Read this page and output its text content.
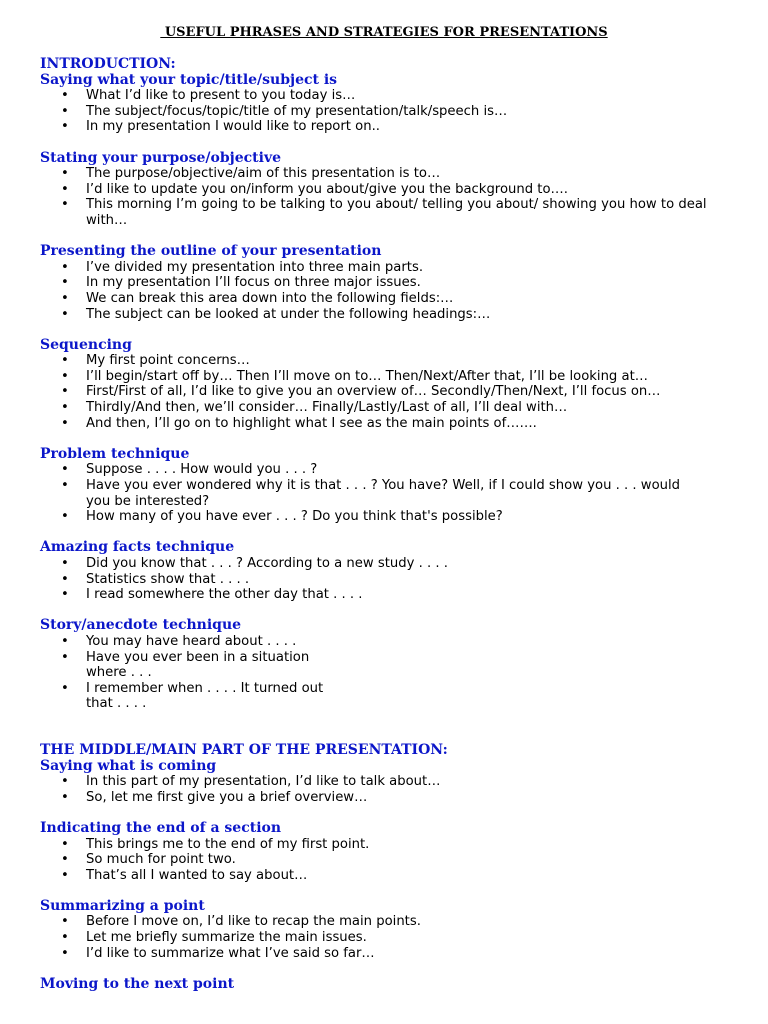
USEFUL PHRASES AND STRATEGIES FOR PRESENTATIONS
INTRODUCTION:
Saying what your topic/title/subject is
• What I’d like to present to you today is…
• The subject/focus/topic/title of my presentation/talk/speech is…
• In my presentation I would like to report on..
Stating your purpose/objective
• The purpose/objective/aim of this presentation is to…
• I’d like to update you on/inform you about/give you the background to….
• This morning I’m going to be talking to you about/ telling you about/ showing you how to deal with…
Presenting the outline of your presentation
• I’ve divided my presentation into three main parts.
• In my presentation I’ll focus on three major issues.
• We can break this area down into the following fields:…
• The subject can be looked at under the following headings:…
Sequencing
• My first point concerns…
• I’ll begin/start off by… Then I’ll move on to… Then/Next/After that, I’ll be looking at…
• First/First of all, I’d like to give you an overview of… Secondly/Then/Next, I’ll focus on…
• Thirdly/And then, we’ll consider… Finally/Lastly/Last of all, I’ll deal with…
• And then, I’ll go on to highlight what I see as the main points of…….
Problem technique
• Suppose . . . . How would you . . . ?
• Have you ever wondered why it is that . . . ? You have? Well, if I could show you . . . would you be interested?
• How many of you have ever . . . ? Do you think that's possible?
Amazing facts technique
• Did you know that . . . ? According to a new study . . . .
• Statistics show that . . . .
• I read somewhere the other day that . . . .
Story/anecdote technique
• You may have heard about . . . .
• Have you ever been in a situation where . . .
• I remember when . . . . It turned out that . . . .
THE MIDDLE/MAIN PART OF THE PRESENTATION:
Saying what is coming
• In this part of my presentation, I’d like to talk about…
• So, let me first give you a brief overview…
Indicating the end of a section
• This brings me to the end of my first point.
• So much for point two.
• That’s all I wanted to say about…
Summarizing a point
• Before I move on, I’d like to recap the main points.
• Let me briefly summarize the main issues.
• I’d like to summarize what I’ve said so far…
Moving to the next point
